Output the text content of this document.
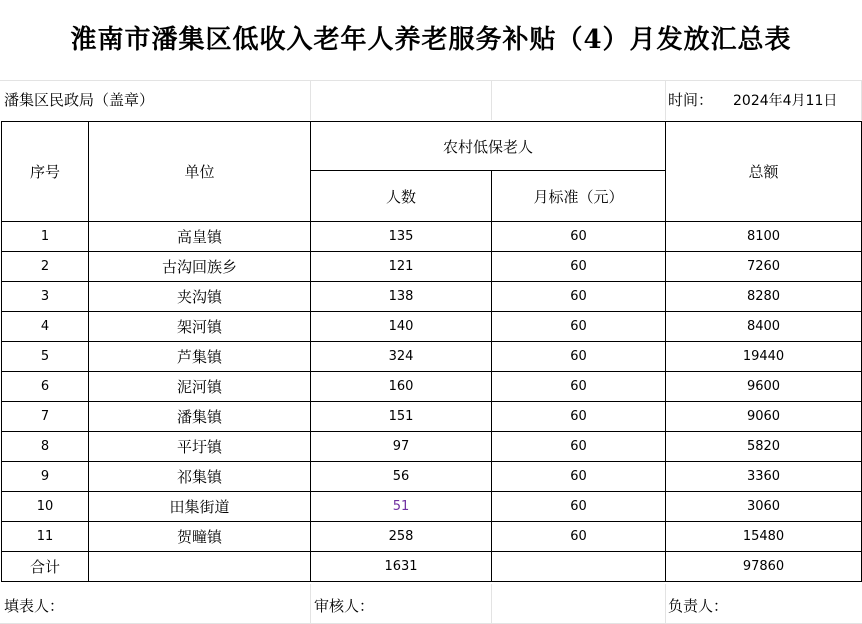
淮南市潘集区低收入老年人养老服务补贴（4）月发放汇总表
潘集区民政局（盖章）	时间： 2024年4月11日
序号	单位	农村低保老人		总额
		人数	月标准（元）	
1	高皇镇	135	60	8100
2	古沟回族乡	121	60	7260
3	夹沟镇	138	60	8280
4	架河镇	140	60	8400
5	芦集镇	324	60	19440
6	泥河镇	160	60	9600
7	潘集镇	151	60	9060
8	平圩镇	97	60	5820
9	祁集镇	56	60	3360
10	田集街道	51	60	3060
11	贺疃镇	258	60	15480
合计		1631		97860
填表人：	审核人：	负责人：
